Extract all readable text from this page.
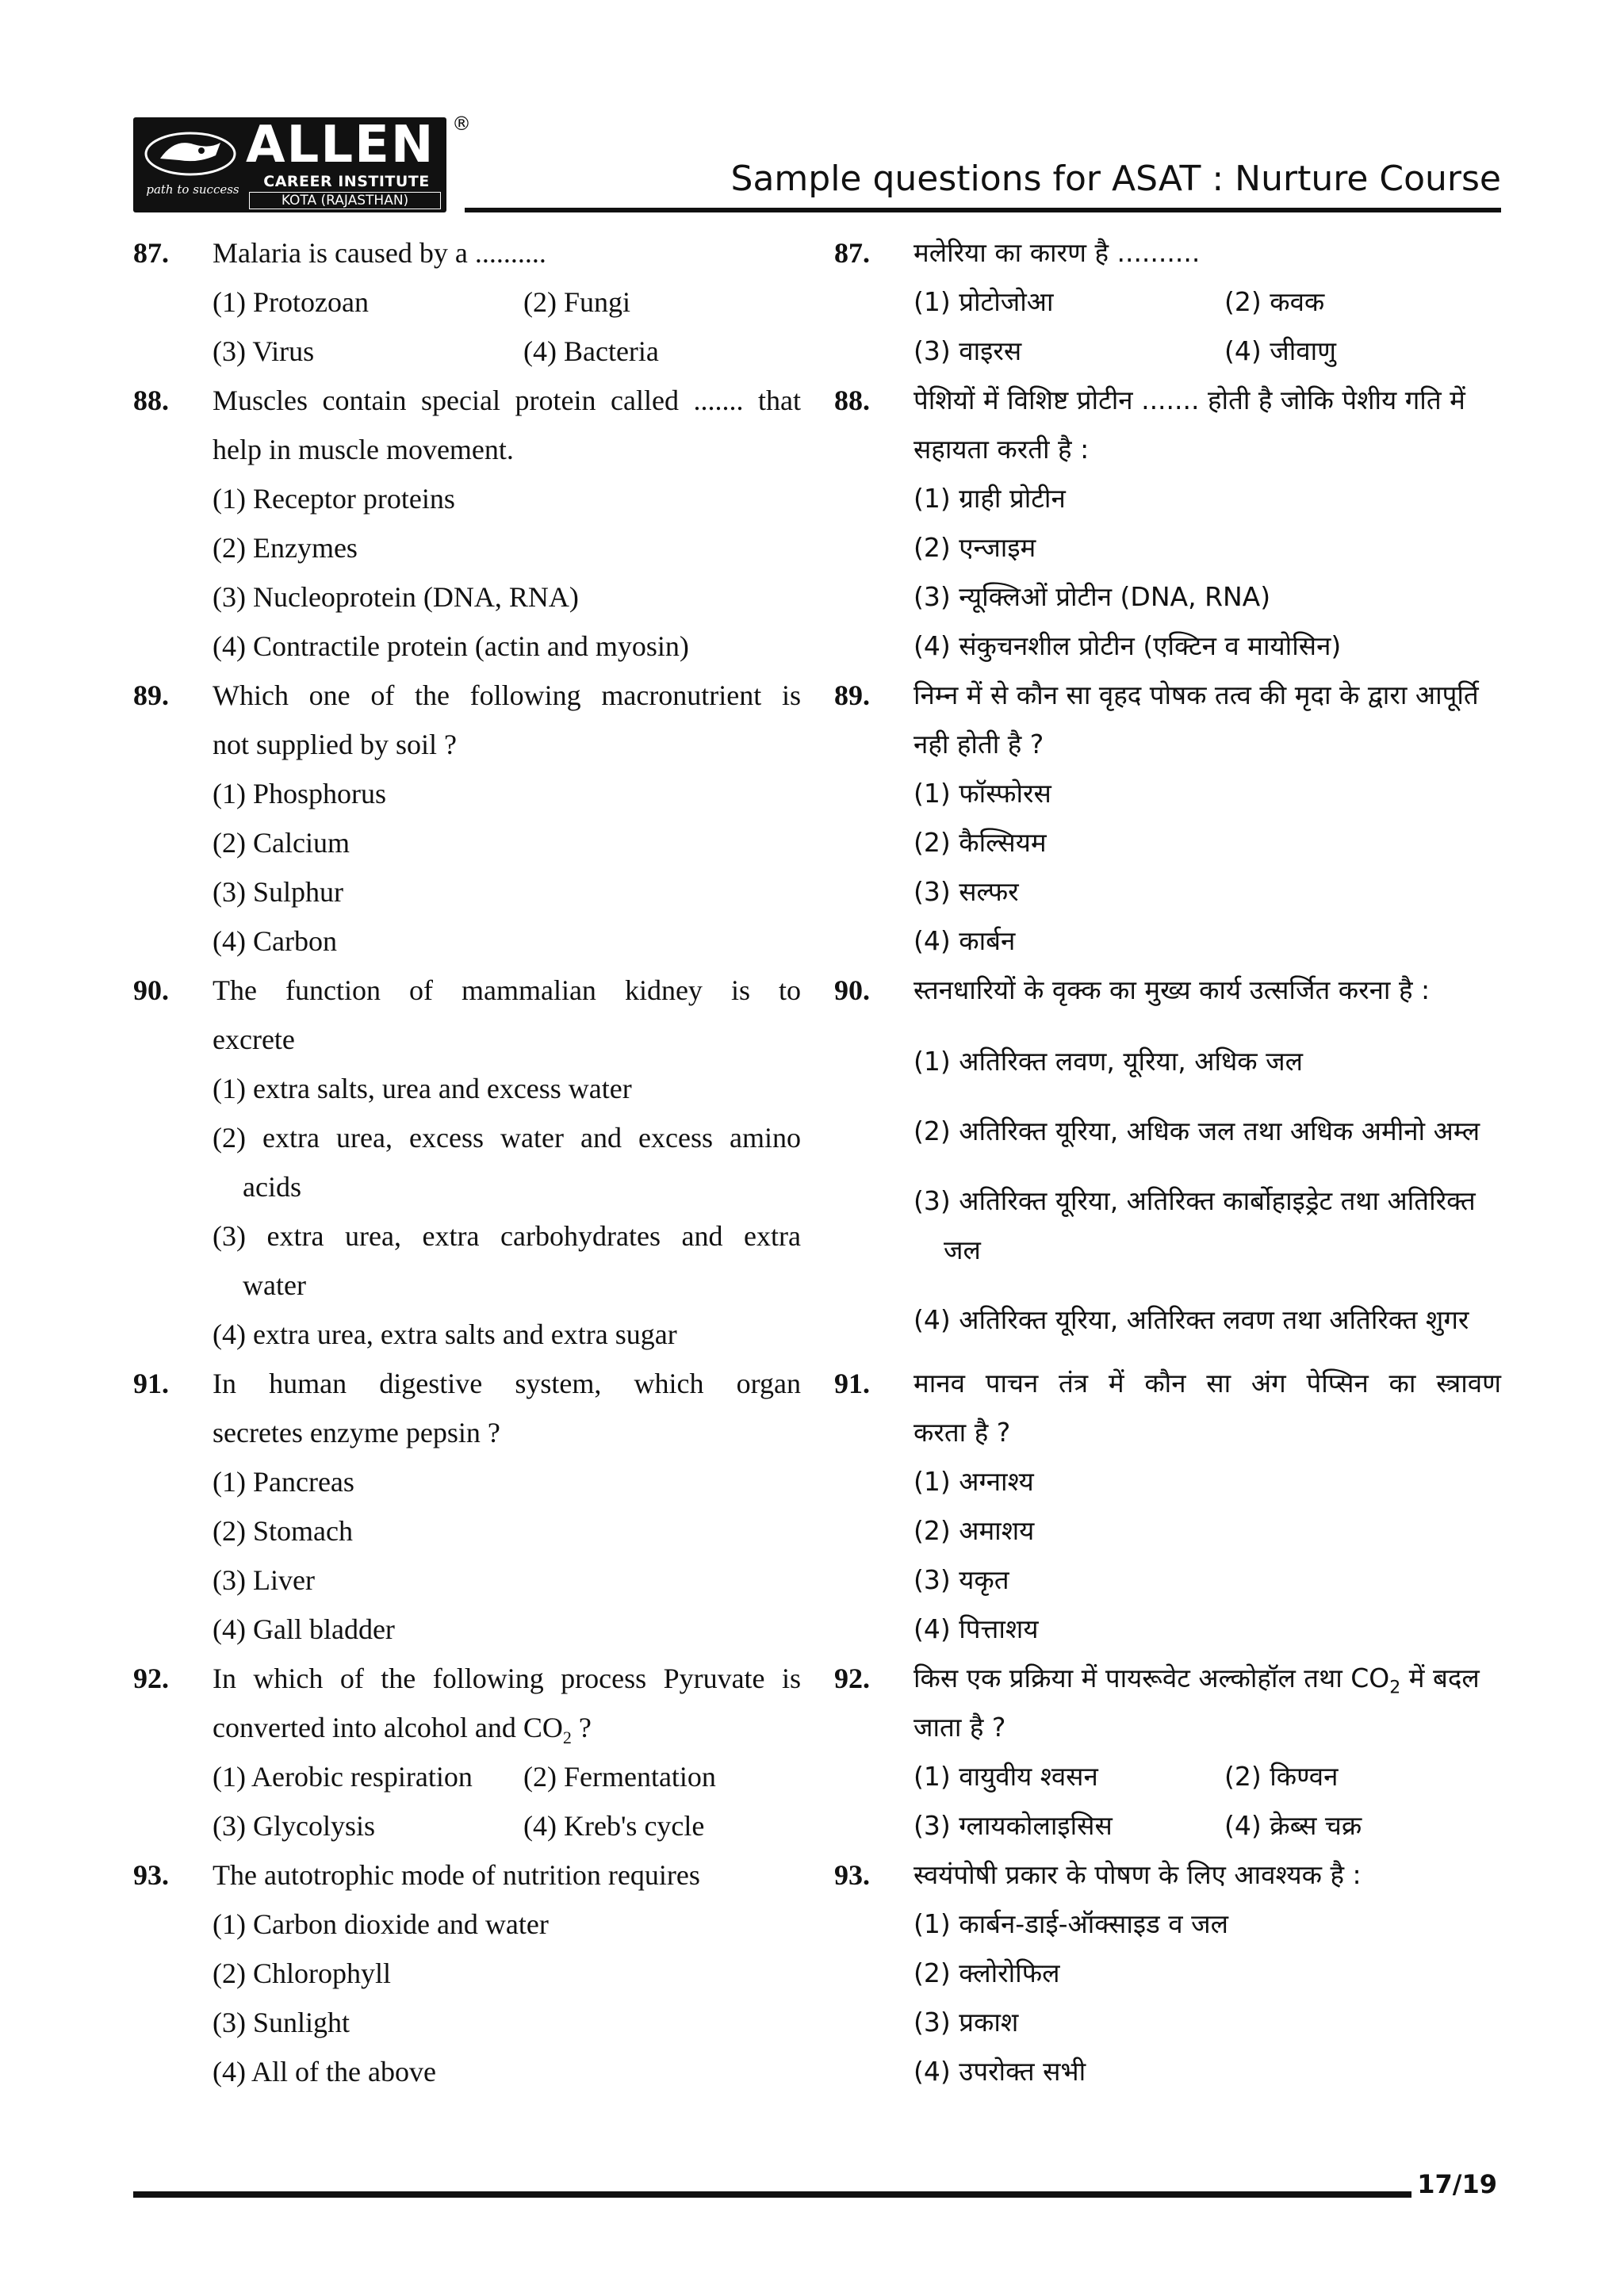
path to success
ALLEN
CAREER INSTITUTE
KOTA (RAJASTHAN)
®
Sample questions for ASAT : Nurture Course
87. Malaria is caused by a ..........
(1) Protozoan	(2) Fungi
(3) Virus	(4) Bacteria
88. Muscles contain special protein called ....... that
help in muscle movement.
(1) Receptor proteins
(2) Enzymes
(3) Nucleoprotein (DNA, RNA)
(4) Contractile protein (actin and myosin)
89. Which one of the following macronutrient is
not supplied by soil ?
(1) Phosphorus
(2) Calcium
(3) Sulphur
(4) Carbon
90. The function of mammalian kidney is to
excrete
(1) extra salts, urea and excess water
(2) extra urea, excess water and excess amino
acids
(3) extra urea, extra carbohydrates and extra
water
(4) extra urea, extra salts and extra sugar
91. In human digestive system, which organ
secretes enzyme pepsin ?
(1) Pancreas
(2) Stomach
(3) Liver
(4) Gall bladder
92. In which of the following process Pyruvate is
converted into alcohol and $CO_2$ ?
(1) Aerobic respiration (2) Fermentation
(3) Glycolysis	(4) Kreb's cycle
93. The autotrophic mode of nutrition requires
(1) Carbon dioxide and water
(2) Chlorophyll
(3) Sunlight
(4) All of the above
87. मलेरिया का कारण है ..........
(1) प्रोटोजोआ	(2) कवक
(3) वाइरस	(4) जीवाणु
88. पेशियों में विशिष्ट प्रोटीन ....... होती है जोकि पेशीय गति में
सहायता करती है :
(1) ग्राही प्रोटीन
(2) एन्जाइम
(3) न्यूक्लिओं प्रोटीन (DNA, RNA)
(4) संकुचनशील प्रोटीन (एक्टिन व मायोसिन)
89. निम्न में से कौन सा वृहद पोषक तत्व की मृदा के द्वारा आपूर्ति
नही होती है ?
(1) फॉस्फोरस
(2) कैल्सियम
(3) सल्फर
(4) कार्बन
90. स्तनधारियों के वृक्क का मुख्य कार्य उत्सर्जित करना है :
(1) अतिरिक्त लवण, यूरिया, अधिक जल
(2) अतिरिक्त यूरिया, अधिक जल तथा अधिक अमीनो अम्ल
(3) अतिरिक्त यूरिया, अतिरिक्त कार्बोहाइड्रेट तथा अतिरिक्त
जल
(4) अतिरिक्त यूरिया, अतिरिक्त लवण तथा अतिरिक्त शुगर
91. मानव पाचन तंत्र में कौन सा अंग पेप्सिन का स्त्रावण
करता है ?
(1) अग्नाश्य
(2) अमाशय
(3) यकृत
(4) पित्ताशय
92. किस एक प्रक्रिया में पायरूवेट अल्कोहॉल तथा $CO_2$ में बदल
जाता है ?
(1) वायुवीय श्वसन	(2) किण्वन
(3) ग्लायकोलाइसिस	(4) क्रेब्स चक्र
93. स्वयंपोषी प्रकार के पोषण के लिए आवश्यक है :
(1) कार्बन-डाई-ऑक्साइड व जल
(2) क्लोरोफिल
(3) प्रकाश
(4) उपरोक्त सभी
17/19
